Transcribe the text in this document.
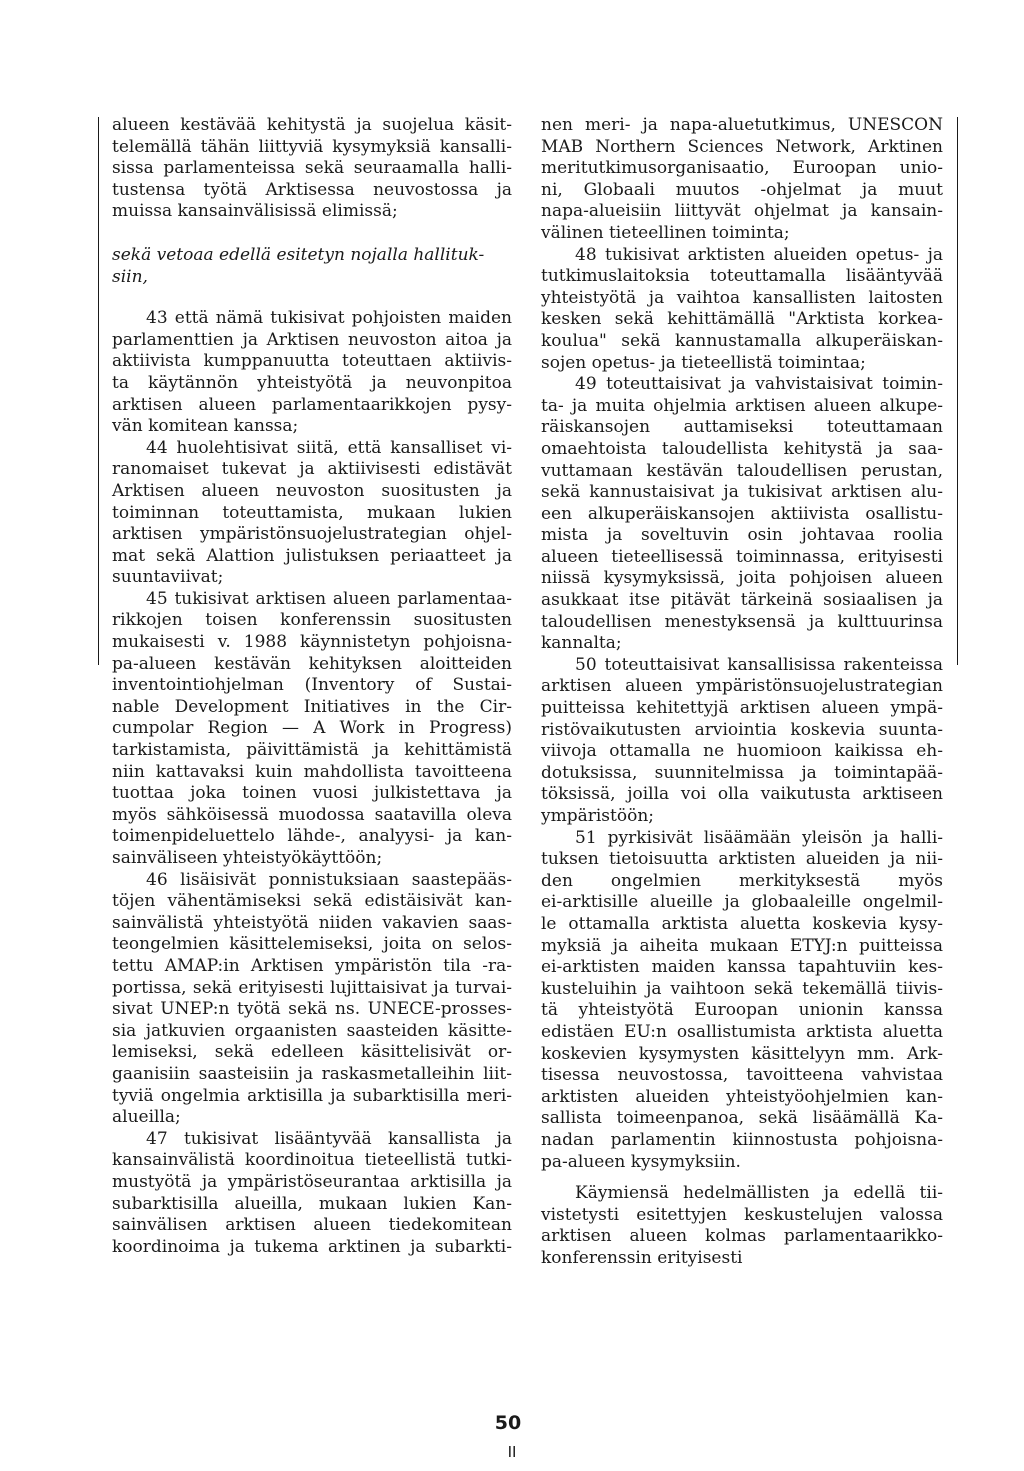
alueen kestävää kehitystä ja suojelua käsit-
telemällä tähän liittyviä kysymyksiä kansalli-
sissa parlamenteissa sekä seuraamalla halli-
tustensa työtä Arktisessa neuvostossa ja
muissa kansainvälisissä elimissä;

sekä vetoaa edellä esitetyn nojalla hallituk-
siin,

43 että nämä tukisivat pohjoisten maiden
parlamenttien ja Arktisen neuvoston aitoa ja
aktiivista kumppanuutta toteuttaen aktiivis-
ta käytännön yhteistyötä ja neuvonpitoa
arktisen alueen parlamentaarikkojen pysy-
vän komitean kanssa;

44 huolehtisivat siitä, että kansalliset vi-
ranomaiset tukevat ja aktiivisesti edistävät
Arktisen alueen neuvoston suositusten ja
toiminnan toteuttamista, mukaan lukien
arktisen ympäristönsuojelustrategian ohjel-
mat sekä Alattion julistuksen periaatteet ja
suuntaviivat;

45 tukisivat arktisen alueen parlamentaa-
rikkojen toisen konferenssin suositusten
mukaisesti v. 1988 käynnistetyn pohjoisna-
pa-alueen kestävän kehityksen aloitteiden
inventointiohjelman (Inventory of Sustai-
nable Development Initiatives in the Cir-
cumpolar Region — A Work in Progress)
tarkistamista, päivittämistä ja kehittämistä
niin kattavaksi kuin mahdollista tavoitteena
tuottaa joka toinen vuosi julkistettava ja
myös sähköisessä muodossa saatavilla oleva
toimenpideluettelo lähde-, analyysi- ja kan-
sainväliseen yhteistyökäyttöön;

46 lisäisivät ponnistuksiaan saastepääs-
töjen vähentämiseksi sekä edistäisivät kan-
sainvälistä yhteistyötä niiden vakavien saas-
teongelmien käsittelemiseksi, joita on selos-
tettu AMAP:in Arktisen ympäristön tila -ra-
portissa, sekä erityisesti lujittaisivat ja turvai-
sivat UNEP:n työtä sekä ns. UNECE-prosses-
sia jatkuvien orgaanisten saasteiden käsitte-
lemiseksi, sekä edelleen käsittelisivät or-
gaanisiin saasteisiin ja raskasmetalleihin liit-
tyviä ongelmia arktisilla ja subarktisilla meri-
alueilla;

47 tukisivat lisääntyvää kansallista ja
kansainvälistä koordinoitua tieteellistä tutki-
mustyötä ja ympäristöseurantaa arktisilla ja
subarktisilla alueilla, mukaan lukien Kan-
sainvälisen arktisen alueen tiedekomitean
koordinoima ja tukema arktinen ja subarkti-

nen meri- ja napa-aluetutkimus, UNESCON
MAB Northern Sciences Network, Arktinen
meritutkimusorganisaatio, Euroopan unio-
ni, Globaali muutos -ohjelmat ja muut
napa-alueisiin liittyvät ohjelmat ja kansain-
välinen tieteellinen toiminta;

48 tukisivat arktisten alueiden opetus- ja
tutkimuslaitoksia toteuttamalla lisääntyvää
yhteistyötä ja vaihtoa kansallisten laitosten
kesken sekä kehittämällä "Arktista korkea-
koulua" sekä kannustamalla alkuperäiskan-
sojen opetus- ja tieteellistä toimintaa;

49 toteuttaisivat ja vahvistaisivat toimin-
ta- ja muita ohjelmia arktisen alueen alkupe-
räiskansojen auttamiseksi toteuttamaan
omaehtoista taloudellista kehitystä ja saa-
vuttamaan kestävän taloudellisen perustan,
sekä kannustaisivat ja tukisivat arktisen alu-
een alkuperäiskansojen aktiivista osallistu-
mista ja soveltuvin osin johtavaa roolia
alueen tieteellisessä toiminnassa, erityisesti
niissä kysymyksissä, joita pohjoisen alueen
asukkaat itse pitävät tärkeinä sosiaalisen ja
taloudellisen menestyksensä ja kulttuurinsa
kannalta;

50 toteuttaisivat kansallisissa rakenteissa
arktisen alueen ympäristönsuojelustrategian
puitteissa kehitettyjä arktisen alueen ympä-
ristövaikutusten arviointia koskevia suunta-
viivoja ottamalla ne huomioon kaikissa eh-
dotuksissa, suunnitelmissa ja toimintapää-
töksissä, joilla voi olla vaikutusta arktiseen
ympäristöön;

51 pyrkisivät lisäämään yleisön ja halli-
tuksen tietoisuutta arktisten alueiden ja nii-
den ongelmien merkityksestä myös
ei-arktisille alueille ja globaaleille ongelmil-
le ottamalla arktista aluetta koskevia kysy-
myksiä ja aiheita mukaan ETYJ:n puitteissa
ei-arktisten maiden kanssa tapahtuviin kes-
kusteluihin ja vaihtoon sekä tekemällä tiivis-
tä yhteistyötä Euroopan unionin kanssa
edistäen EU:n osallistumista arktista aluetta
koskevien kysymysten käsittelyyn mm. Ark-
tisessa neuvostossa, tavoitteena vahvistaa
arktisten alueiden yhteistyöohjelmien kan-
sallista toimeenpanoa, sekä lisäämällä Ka-
nadan parlamentin kiinnostusta pohjoisna-
pa-alueen kysymyksiin.

Käymiensä hedelmällisten ja edellä tii-
vistetysti esitettyjen keskustelujen valossa
arktisen alueen kolmas parlamentaarikko-
konferenssin erityisesti

50
II
